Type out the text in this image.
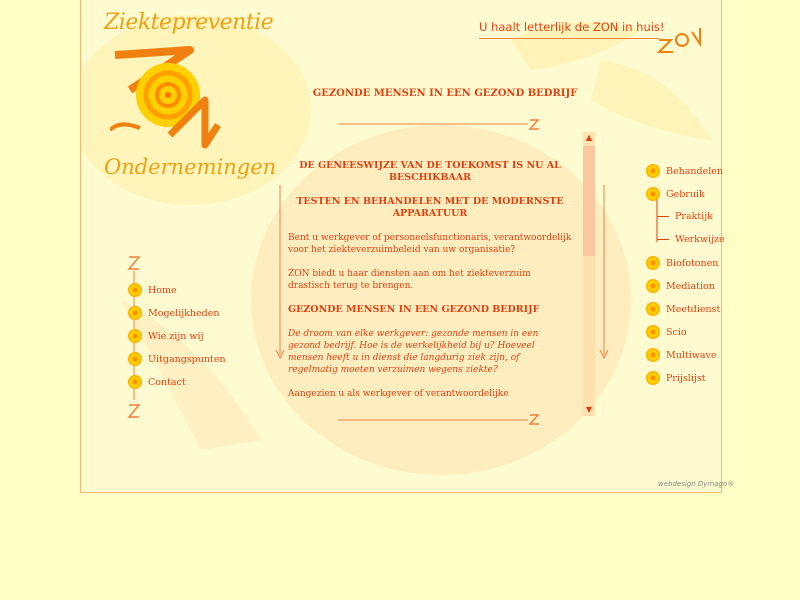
Ziektepreventie
Ondernemingen
U haalt letterlijk de ZON in huis!
GEZONDE MENSEN IN EEN GEZOND BEDRIJF
DE GENEESWIJZE VAN DE TOEKOMST IS NU AL BESCHIKBAAR
TESTEN EN BEHANDELEN MET DE MODERNSTE APPARATUUR

Bent u werkgever of personeelsfunctionaris, verantwoordelijk voor het ziekteverzuimbeleid van uw organisatie?

ZON biedt u haar diensten aan om het ziekteverzuim drastisch terug te brengen.

GEZONDE MENSEN IN EEN GEZOND BEDRIJF

De droom van elke werkgever: gezonde mensen in een gezond bedrijf. Hoe is de werkelijkheid bij u? Hoeveel mensen heeft u in dienst die langdurig ziek zijn, of regelmatig moeten verzuimen wegens ziekte?

Aangezien u als werkgever of verantwoordelijke

▲
▼
Home
Mogelijkheden
Wie zijn wij
Uitgangspunten
Contact
Behandelen
Gebruik
Praktijk
Werkwijze
Biofotonen
Mediation
Meetdienst
Scio
Multiwave
Prijslijst
webdesign Dymago®
